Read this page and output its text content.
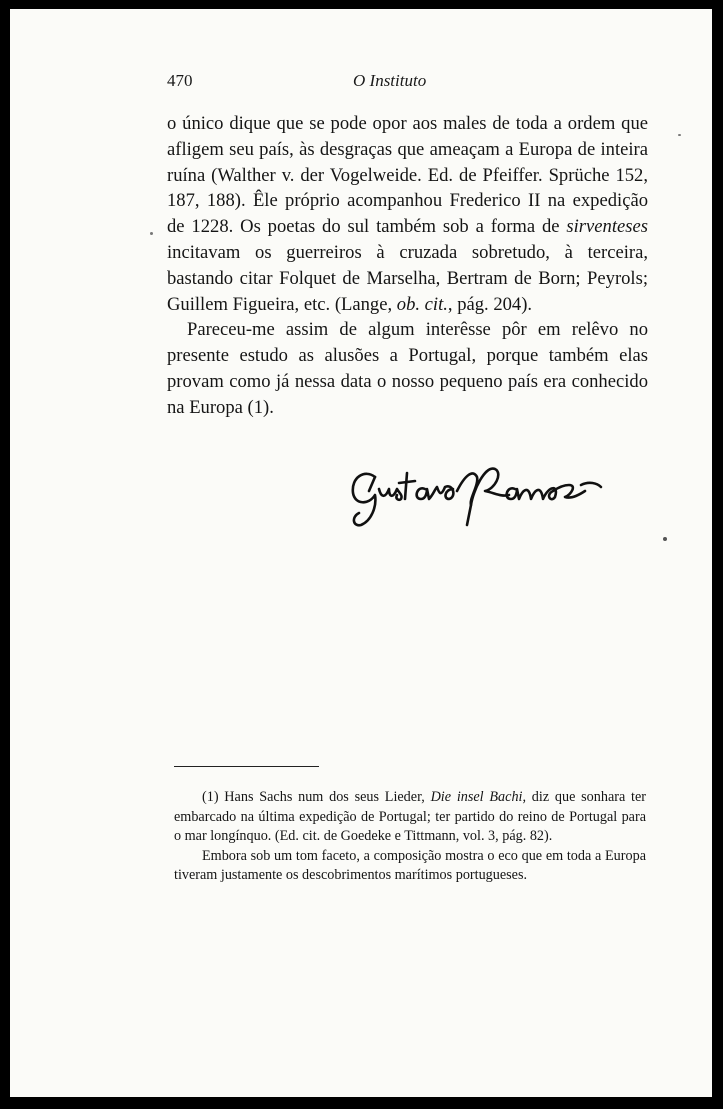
470	O Instituto

o único dique que se pode opor aos males de toda a ordem que afligem seu país, às desgraças que ameaçam a Europa de inteira ruína (Walther v. der Vogelweide. Ed. de Pfeiffer. Sprüche 152, 187, 188). Êle próprio acompanhou Frederico II na expedição de 1228. Os poetas do sul também sob a forma de sirventeses incitavam os guerreiros à cruzada sobretudo, à terceira, bastando citar Folquet de Marselha, Bertram de Born; Peyrols; Guillem Figueira, etc. (Lange, ob. cit., pág. 204).

Pareceu-me assim de algum interêsse pôr em relêvo no presente estudo as alusões a Portugal, porque também elas provam como já nessa data o nosso pequeno país era conhecido na Europa (1).

(1) Hans Sachs num dos seus Lieder, Die insel Bachi, diz que sonhara ter embarcado na última expedição de Portugal; ter partido do reino de Portugal para o mar longínquo. (Ed. cit. de Goedeke e Tittmann, vol. 3, pág. 82).

Embora sob um tom faceto, a composição mostra o eco que em toda a Europa tiveram justamente os descobrimentos marítimos portugueses.
